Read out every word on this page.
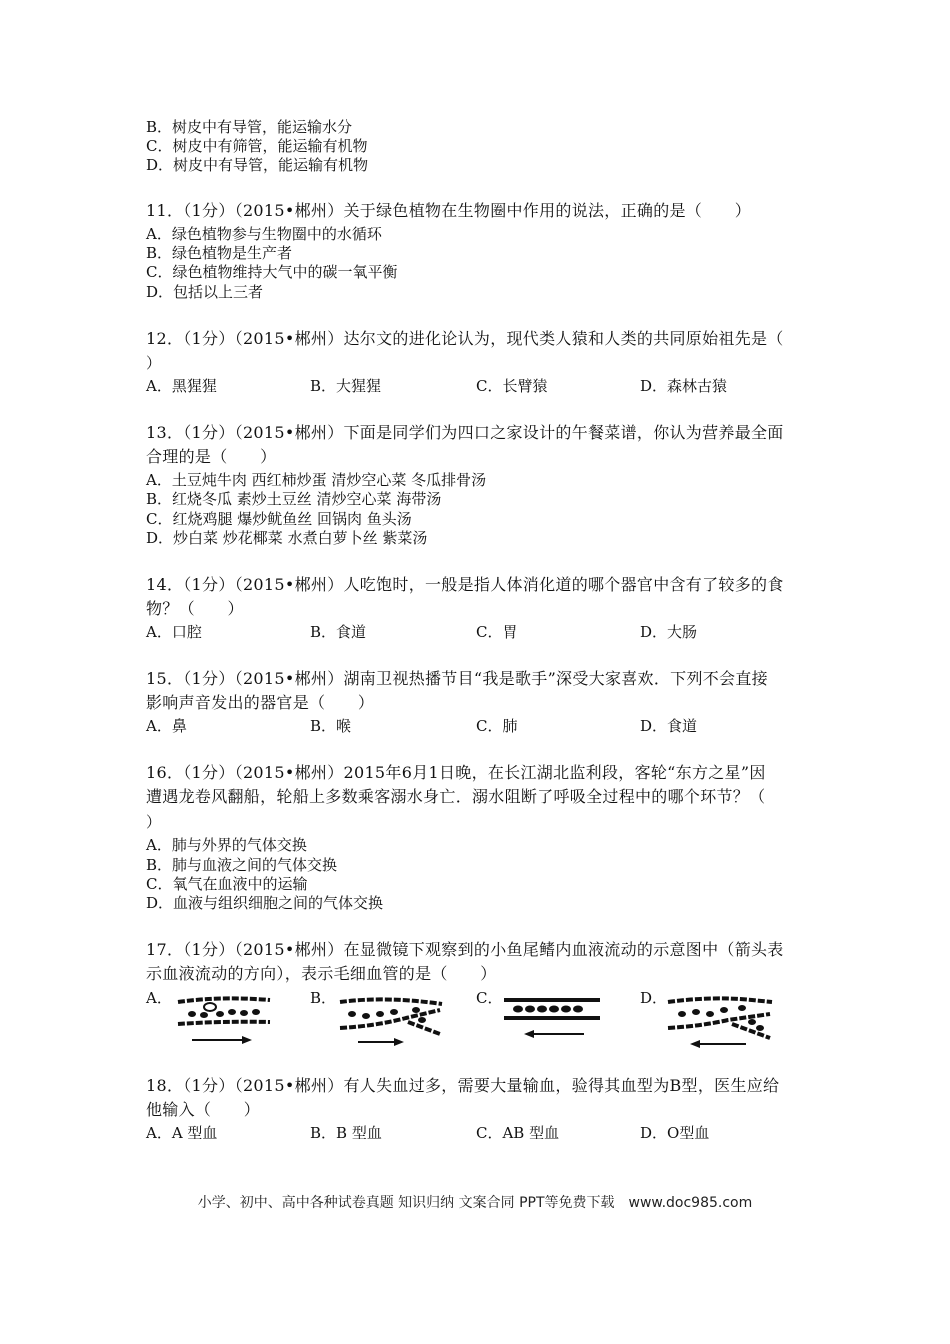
B．树皮中有导管，能运输水分
C．树皮中有筛管，能运输有机物
D．树皮中有导管，能运输有机物
11．（1分）（2015•郴州）关于绿色植物在生物圈中作用的说法，正确的是（　　）
A．绿色植物参与生物圈中的水循环
B．绿色植物是生产者
C．绿色植物维持大气中的碳一氧平衡
D．包括以上三者
12．（1分）（2015•郴州）达尔文的进化论认为，现代类人猿和人类的共同原始祖先是（
）
A．黑猩猩	B．大猩猩	C．长臂猿	D．森林古猿
13．（1分）（2015•郴州）下面是同学们为四口之家设计的午餐菜谱，你认为营养最全面
合理的是（　　）
A．土豆炖牛肉 西红柿炒蛋 清炒空心菜 冬瓜排骨汤
B．红烧冬瓜 素炒土豆丝 清炒空心菜 海带汤
C．红烧鸡腿 爆炒鱿鱼丝 回锅肉 鱼头汤
D．炒白菜 炒花椰菜 水煮白萝卜丝 紫菜汤
14．（1分）（2015•郴州）人吃饱时，一般是指人体消化道的哪个器官中含有了较多的食
物？（　　）
A．口腔	B．食道	C．胃	D．大肠
15．（1分）（2015•郴州）湖南卫视热播节目“我是歌手”深受大家喜欢．下列不会直接
影响声音发出的器官是（　　）
A．鼻	B．喉	C．肺	D．食道
16．（1分）（2015•郴州）2015年6月1日晚，在长江湖北监利段，客轮“东方之星”因
遭遇龙卷风翻船，轮船上多数乘客溺水身亡．溺水阻断了呼吸全过程中的哪个环节？（
）
A．肺与外界的气体交换
B．肺与血液之间的气体交换
C．氧气在血液中的运输
D．血液与组织细胞之间的气体交换
17．（1分）（2015•郴州）在显微镜下观察到的小鱼尾鳍内血液流动的示意图中（箭头表
示血液流动的方向），表示毛细血管的是（　　）
A．	B．	C．	D．
18．（1分）（2015•郴州）有人失血过多，需要大量输血，验得其血型为B型，医生应给
他输入（　　）
A．A 型血	B．B 型血	C．AB 型血	D．O型血
小学、初中、高中各种试卷真题 知识归纳 文案合同 PPT等免费下载　www.doc985.com
